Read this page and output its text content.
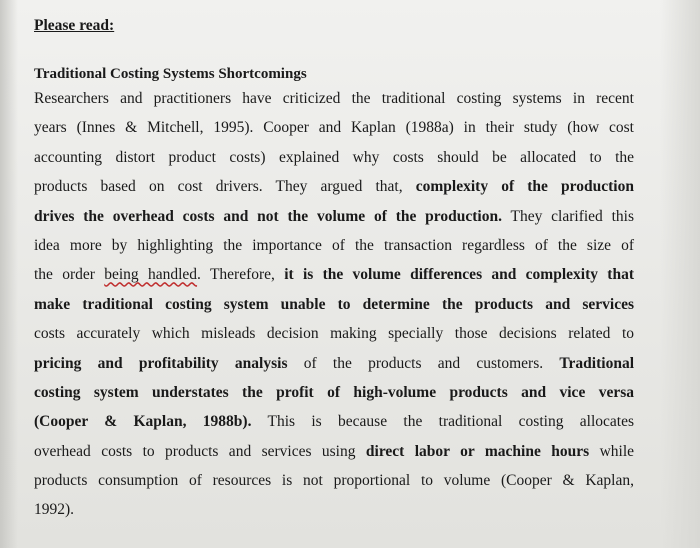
Please read:
Traditional Costing Systems Shortcomings
Researchers and practitioners have criticized the traditional costing systems in recent
years (Innes & Mitchell, 1995). Cooper and Kaplan (1988a) in their study (how cost
accounting distort product costs) explained why costs should be allocated to the
products based on cost drivers. They argued that, complexity of the production
drives the overhead costs and not the volume of the production. They clarified this
idea more by highlighting the importance of the transaction regardless of the size of
the order being handled. Therefore, it is the volume differences and complexity that
make traditional costing system unable to determine the products and services
costs accurately which misleads decision making specially those decisions related to
pricing and profitability analysis of the products and customers. Traditional
costing system understates the profit of high-volume products and vice versa
(Cooper & Kaplan, 1988b). This is because the traditional costing allocates
overhead costs to products and services using direct labor or machine hours while
products consumption of resources is not proportional to volume (Cooper & Kaplan,
1992).
